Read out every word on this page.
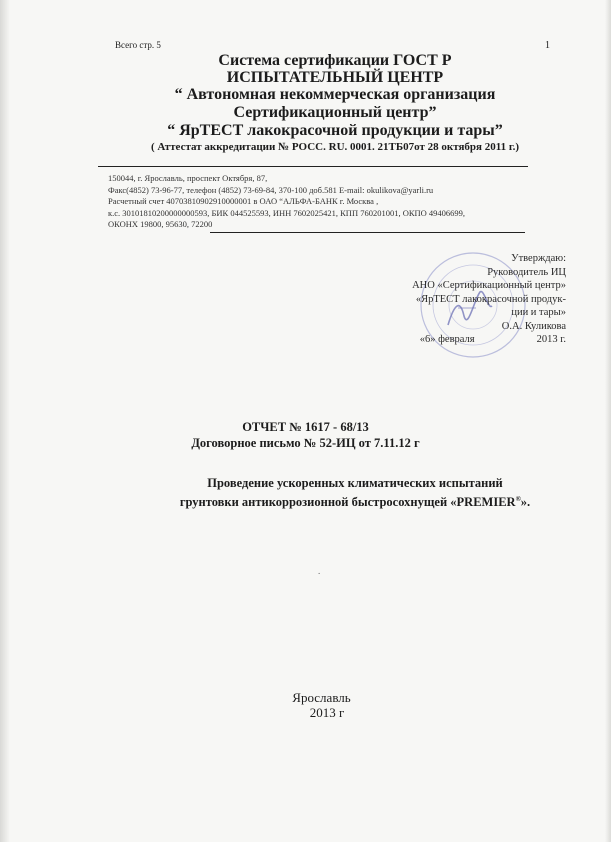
Всего стр. 5	1
Система сертификации ГОСТ Р
ИСПЫТАТЕЛЬНЫЙ ЦЕНТР
“ Автономная некоммерческая организация
Сертификационный центр”
“ ЯрТЕСТ лакокрасочной продукции и тары”
( Аттестат аккредитации № РОСС. RU. 0001. 21ТБ07от 28 октября 2011 г.)
150044, г. Ярославль, проспект Октября, 87,
Факс(4852) 73-96-77, телефон (4852) 73-69-84, 370-100 доб.581 E-mail: okulikova@yarli.ru
Расчетный счет 40703810902910000001 в ОАО “АЛЬФА-БАНК г. Москва ,
к.с. 30101810200000000593, БИК 044525593, ИНН 7602025421, КПП 760201001, ОКПО 49406699,
ОКОНХ 19800, 95630, 72200
Утверждаю:
Руководитель ИЦ
АНО «Сертификационный центр»
«ЯрТЕСТ лакокрасочной продук-
ции и тары»
О.А. Куликова
«6» февраля	2013 г.
ОТЧЕТ № 1617 - 68/13
Договорное письмо № 52-ИЦ от 7.11.12 г
Проведение ускоренных климатических испытаний
грунтовки антикоррозионной быстросохнущей «PREMIER®».
.
Ярославль
2013 г
